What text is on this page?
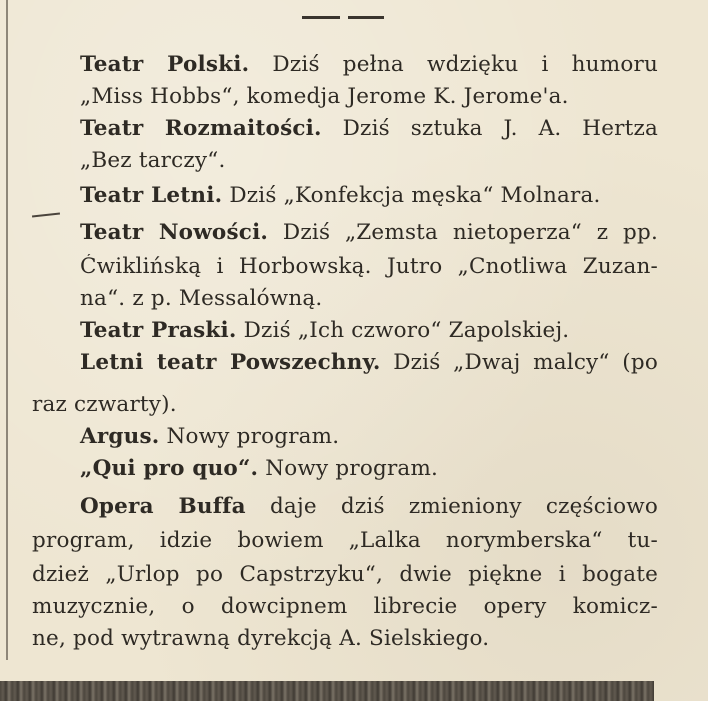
Teatr Polski. Dziś pełna wdzięku i humoru
„Miss Hobbs“, komedja Jerome K. Jerome'a.
Teatr Rozmaitości. Dziś sztuka J. A. Hertza
„Bez tarczy“.
Teatr Letni. Dziś „Konfekcja męska“ Molnara.
Teatr Nowości. Dziś „Zemsta nietoperza“ z pp.
Ćwiklińską i Horbowską. Jutro „Cnotliwa Zuzan-
na“. z p. Messalówną.
Teatr Praski. Dziś „Ich czworo“ Zapolskiej.
Letni teatr Powszechny. Dziś „Dwaj malcy“ (po
raz czwarty).
Argus. Nowy program.
„Qui pro quo“. Nowy program.
Opera Buffa daje dziś zmieniony częściowo
program, idzie bowiem „Lalka norymberska“ tu-
dzież „Urlop po Capstrzyku“, dwie piękne i bogate
muzycznie, o dowcipnem librecie opery komicz-
ne, pod wytrawną dyrekcją A. Sielskiego.
